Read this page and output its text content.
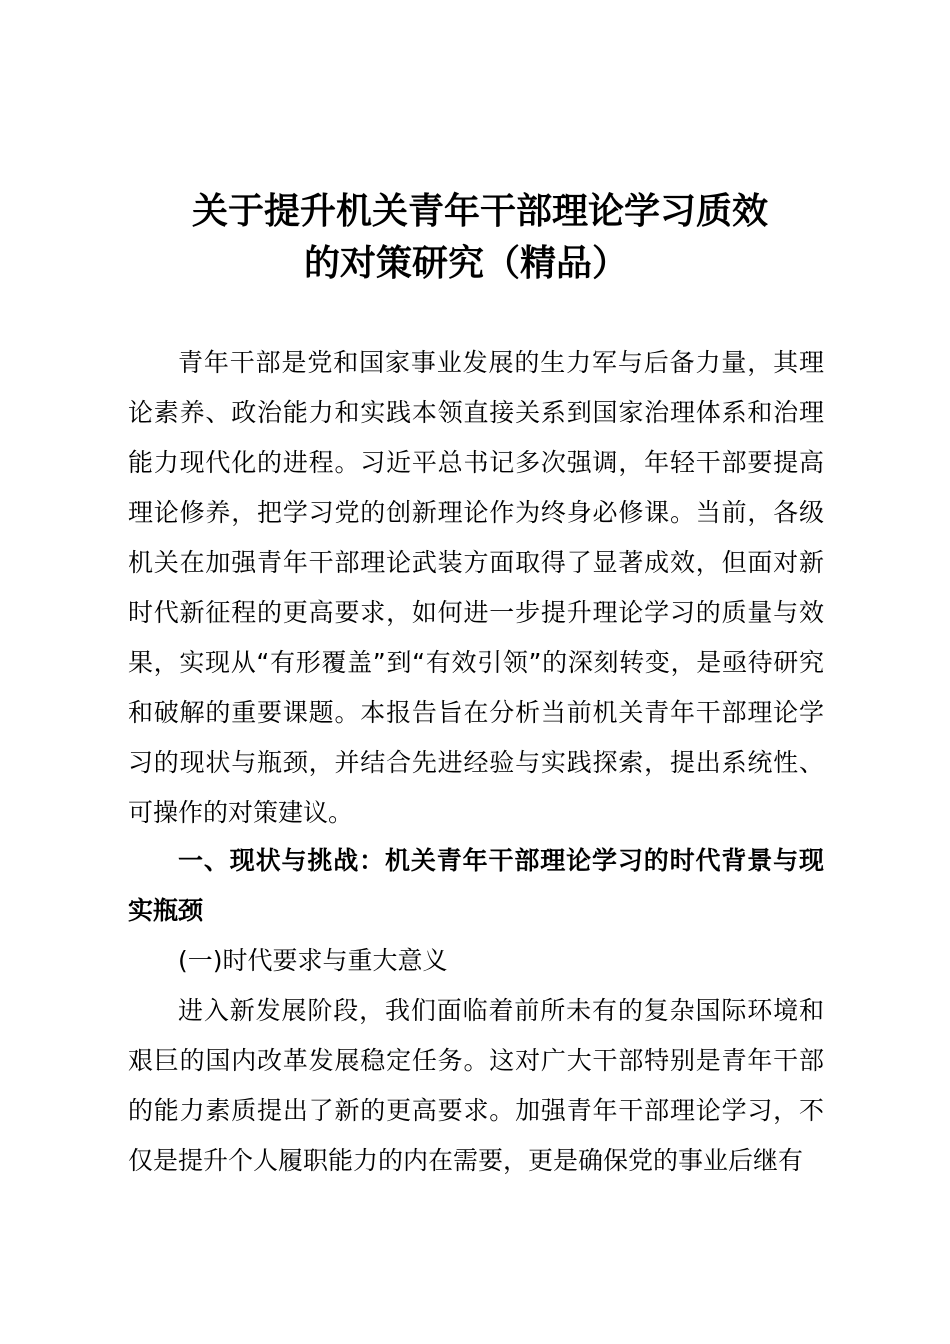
关于提升机关青年干部理论学习质效
的对策研究（精品）

青年干部是党和国家事业发展的生力军与后备力量，其理论素养、政治能力和实践本领直接关系到国家治理体系和治理能力现代化的进程。习近平总书记多次强调，年轻干部要提高理论修养，把学习党的创新理论作为终身必修课。当前，各级机关在加强青年干部理论武装方面取得了显著成效，但面对新时代新征程的更高要求，如何进一步提升理论学习的质量与效果，实现从“有形覆盖”到“有效引领”的深刻转变，是亟待研究和破解的重要课题。本报告旨在分析当前机关青年干部理论学习的现状与瓶颈，并结合先进经验与实践探索，提出系统性、可操作的对策建议。

一、现状与挑战：机关青年干部理论学习的时代背景与现实瓶颈

(一)时代要求与重大意义

进入新发展阶段，我们面临着前所未有的复杂国际环境和艰巨的国内改革发展稳定任务。这对广大干部特别是青年干部的能力素质提出了新的更高要求。加强青年干部理论学习，不仅是提升个人履职能力的内在需要，更是确保党的事业后继有
